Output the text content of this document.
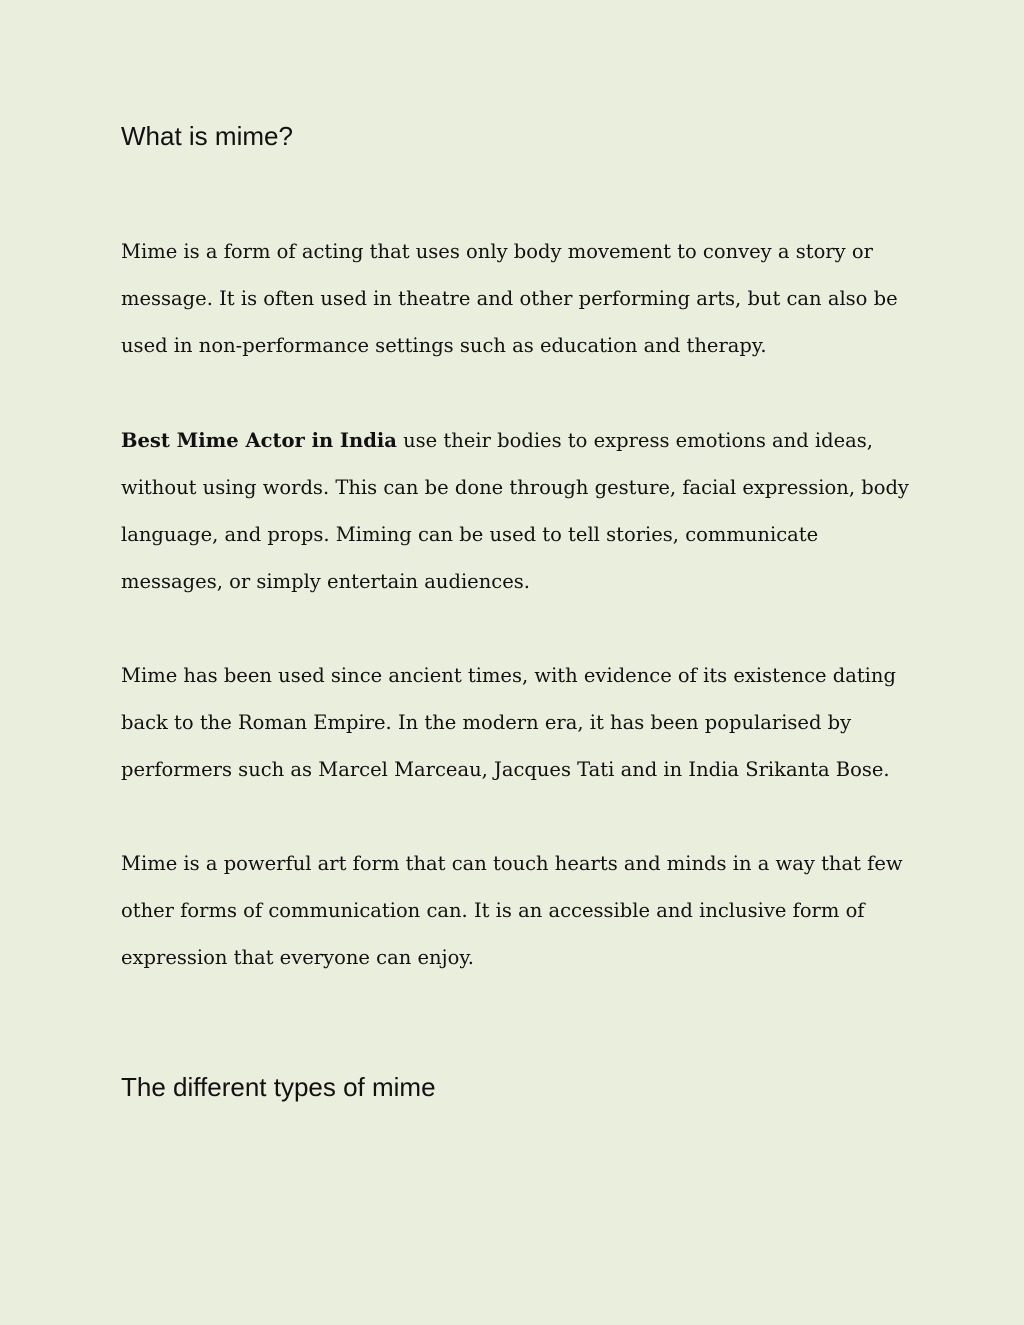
What is mime?

Mime is a form of acting that uses only body movement to convey a story or
message. It is often used in theatre and other performing arts, but can also be
used in non-performance settings such as education and therapy.

Best Mime Actor in India use their bodies to express emotions and ideas,
without using words. This can be done through gesture, facial expression, body
language, and props. Miming can be used to tell stories, communicate
messages, or simply entertain audiences.

Mime has been used since ancient times, with evidence of its existence dating
back to the Roman Empire. In the modern era, it has been popularised by
performers such as Marcel Marceau, Jacques Tati and in India Srikanta Bose.

Mime is a powerful art form that can touch hearts and minds in a way that few
other forms of communication can. It is an accessible and inclusive form of
expression that everyone can enjoy.

The different types of mime
